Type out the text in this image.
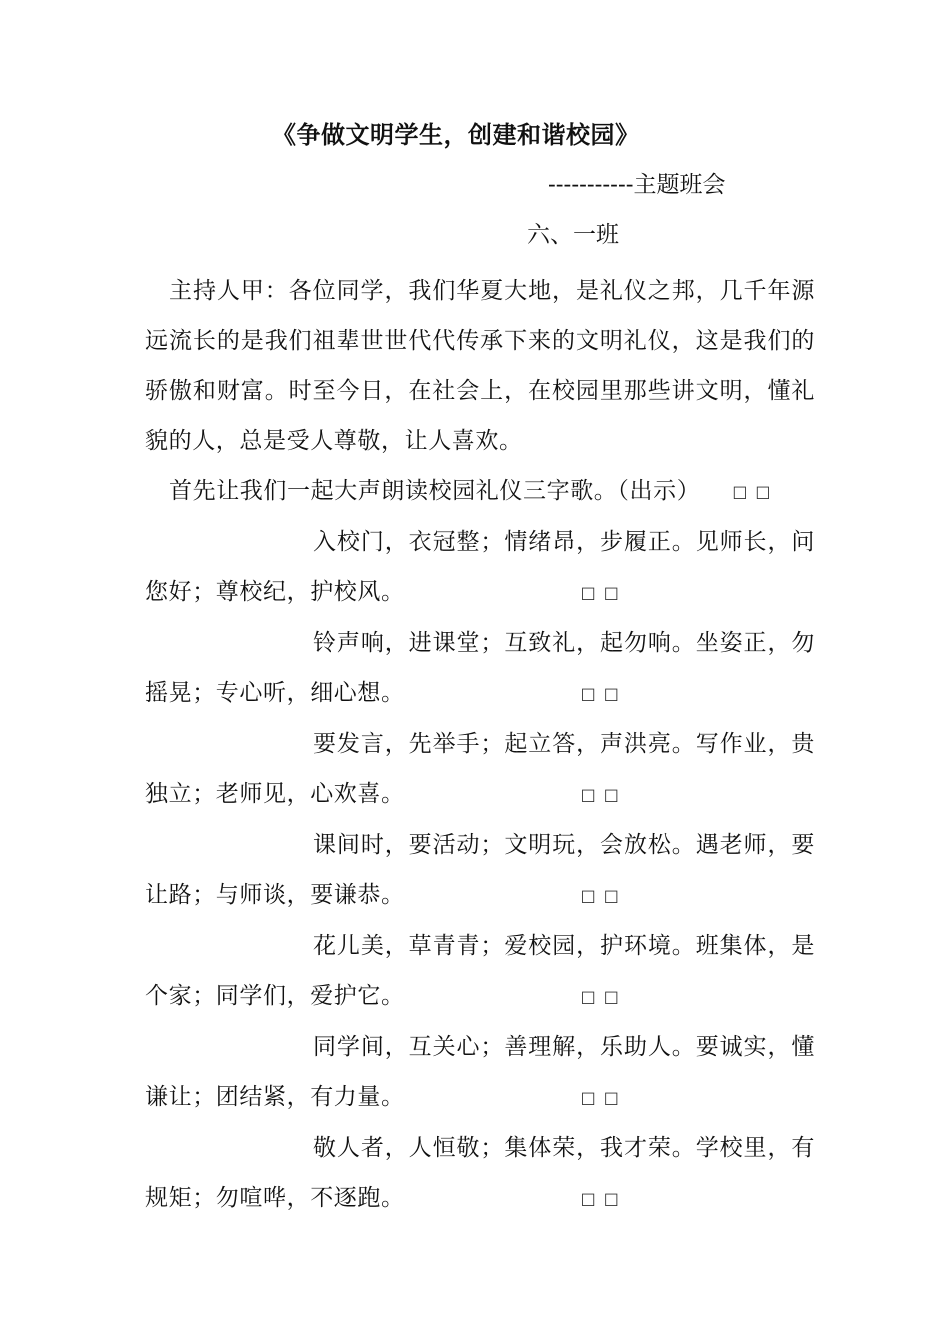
《争做文明学生，创建和谐校园》
-----------主题班会
六、一班

主持人甲：各位同学，我们华夏大地，是礼仪之邦，几千年源远流长的是我们祖辈世世代代传承下来的文明礼仪，这是我们的骄傲和财富。时至今日，在社会上，在校园里那些讲文明，懂礼貌的人，总是受人尊敬，让人喜欢。

首先让我们一起大声朗读校园礼仪三字歌。（出示） □□

入校门，衣冠整；情绪昂，步履正。见师长，问您好；尊校纪，护校风。	□□

铃声响，进课堂；互致礼，起勿响。坐姿正，勿摇晃；专心听，细心想。	□□

要发言，先举手；起立答，声洪亮。写作业，贵独立；老师见，心欢喜。	□□

课间时，要活动；文明玩，会放松。遇老师，要让路；与师谈，要谦恭。	□□

花儿美，草青青；爱校园，护环境。班集体，是个家；同学们，爱护它。	□□

同学间，互关心；善理解，乐助人。要诚实，懂谦让；团结紧，有力量。	□□

敬人者，人恒敬；集体荣，我才荣。学校里，有规矩；勿喧哗，不逐跑。	□□
